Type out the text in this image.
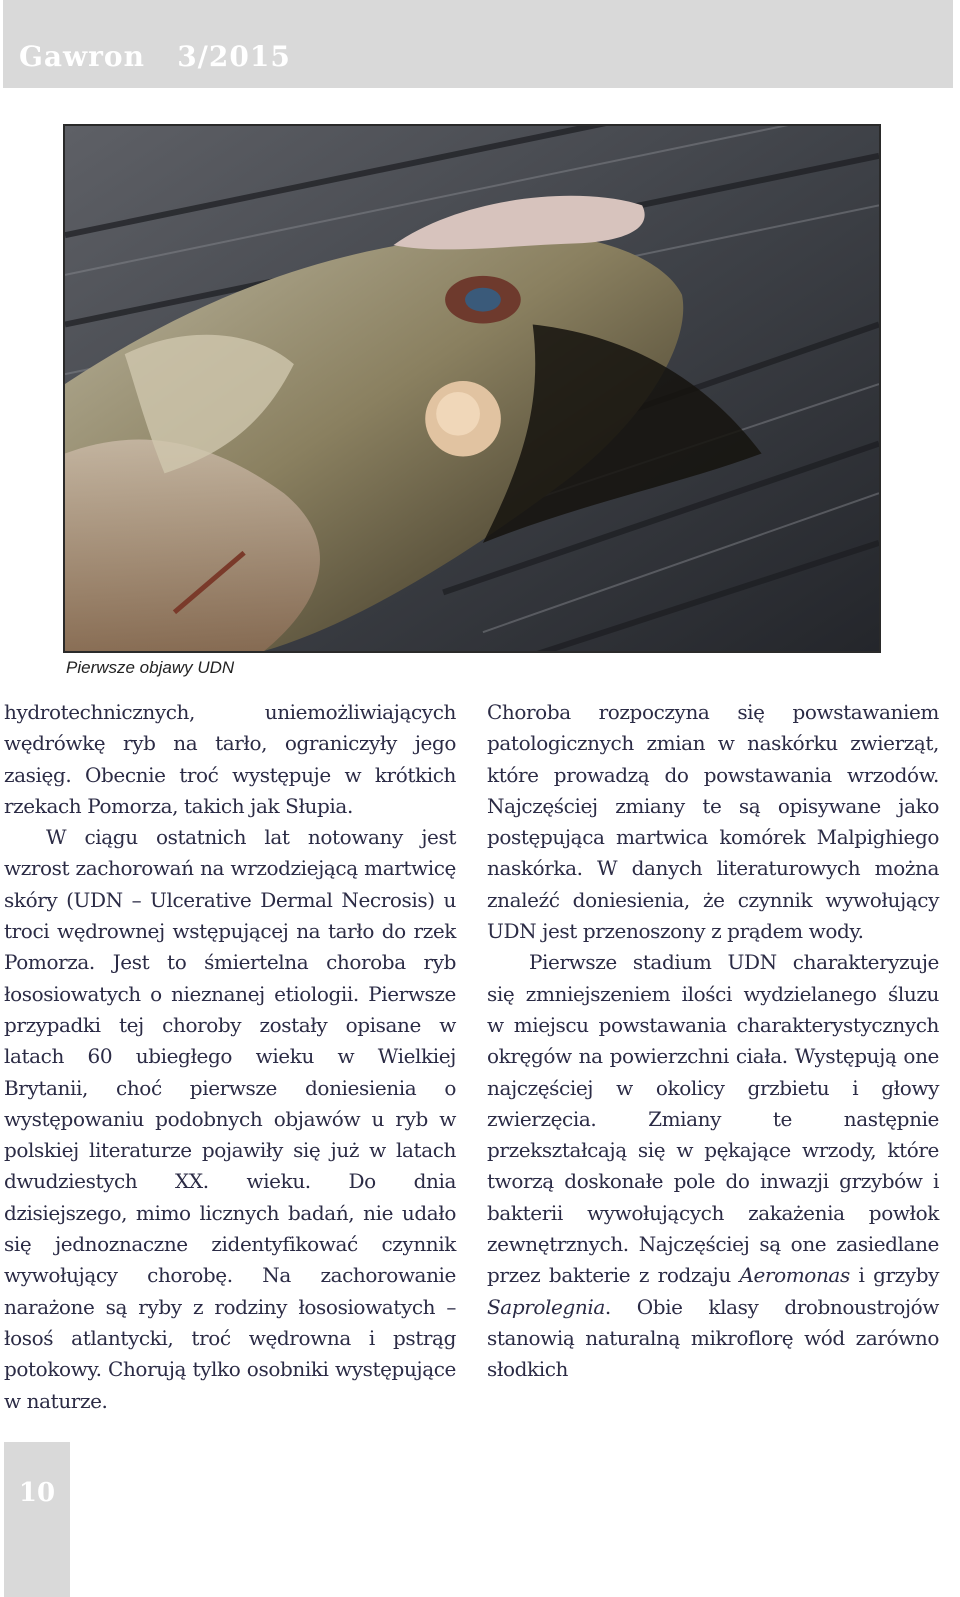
Gawron   3/2015
Pierwsze objawy UDN

hydrotechnicznych, uniemożliwiających wędrówkę ryb na tarło, ograniczyły jego zasięg. Obecnie troć występuje w krótkich rzekach Pomorza, takich jak Słupia.

W ciągu ostatnich lat notowany jest wzrost zachorowań na wrzodziejącą martwicę skóry (UDN – Ulcerative Dermal Necrosis) u troci wędrownej wstępującej na tarło do rzek Pomorza. Jest to śmiertelna choroba ryb łososiowatych o nieznanej etiologii. Pierwsze przypadki tej choroby zostały opisane w latach 60 ubiegłego wieku w Wielkiej Brytanii, choć pierwsze doniesienia o występowaniu podobnych objawów u ryb w polskiej literaturze pojawiły się już w latach dwudziestych XX. wieku. Do dnia dzisiejszego, mimo licznych badań, nie udało się jednoznaczne zidentyfikować czynnik wywołujący chorobę. Na zachorowanie narażone są ryby z rodziny łososiowatych – łosoś atlantycki, troć wędrowna i pstrąg potokowy. Chorują tylko osobniki występujące w naturze.

Choroba rozpoczyna się powstawaniem patologicznych zmian w naskórku zwierząt, które prowadzą do powstawania wrzodów. Najczęściej zmiany te są opisywane jako postępująca martwica komórek Malpighiego naskórka. W danych literaturowych można znaleźć doniesienia, że czynnik wywołujący UDN jest przenoszony z prądem wody.

Pierwsze stadium UDN charakteryzuje się zmniejszeniem ilości wydzielanego śluzu w miejscu powstawania charakterystycznych okręgów na powierzchni ciała. Występują one najczęściej w okolicy grzbietu i głowy zwierzęcia. Zmiany te następnie przekształcają się w pękające wrzody, które tworzą doskonałe pole do inwazji grzybów i bakterii wywołujących zakażenia powłok zewnętrznych. Najczęściej są one zasiedlane przez bakterie z rodzaju Aeromonas i grzyby Saprolegnia. Obie klasy drobnoustrojów stanowią naturalną mikroflorę wód zarówno słodkich

10
